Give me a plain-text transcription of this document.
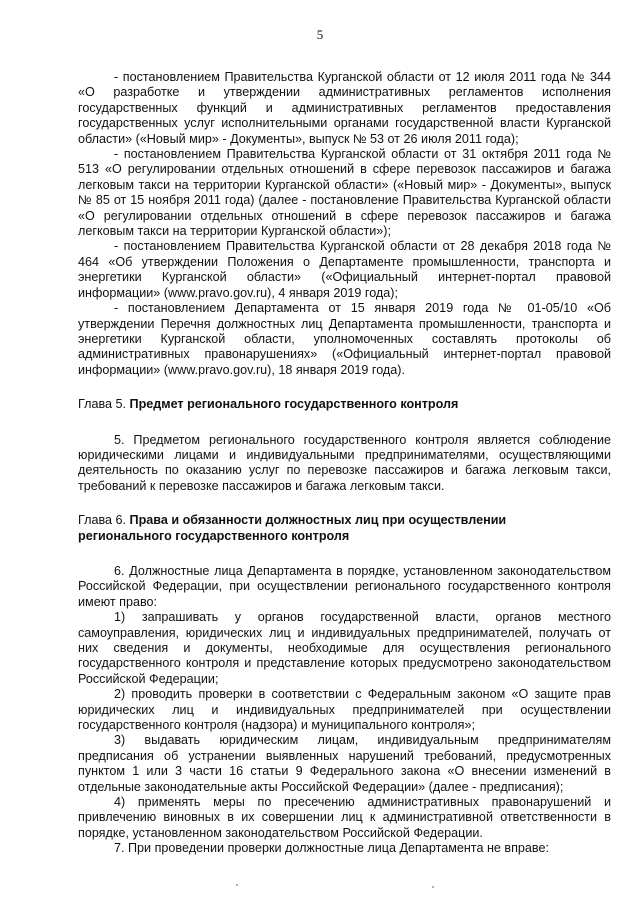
5

- постановлением Правительства Курганской области от 12 июля 2011 года № 344 «О разработке и утверждении административных регламентов исполнения государственных функций и административных регламентов предоставления государственных услуг исполнительными органами государственной власти Курганской области» («Новый мир» - Документы», выпуск № 53 от 26 июля 2011 года);

- постановлением Правительства Курганской области от 31 октября 2011 года № 513 «О регулировании отдельных отношений в сфере перевозок пассажиров и багажа легковым такси на территории Курганской области» («Новый мир» - Документы», выпуск № 85 от 15 ноября 2011 года) (далее - постановление Правительства Курганской области «О регулировании отдельных отношений в сфере перевозок пассажиров и багажа легковым такси на территории Курганской области»);

- постановлением Правительства Курганской области от 28 декабря 2018 года № 464 «Об утверждении Положения о Департаменте промышленности, транспорта и энергетики Курганской области» («Официальный интернет-портал правовой информации» (www.pravo.gov.ru), 4 января 2019 года);

- постановлением Департамента от 15 января 2019 года № 01-05/10 «Об утверждении Перечня должностных лиц Департамента промышленности, транспорта и энергетики Курганской области, уполномоченных составлять протоколы об административных правонарушениях» («Официальный интернет-портал правовой информации» (www.pravo.gov.ru), 18 января 2019 года).

Глава 5. Предмет регионального государственного контроля

5. Предметом регионального государственного контроля является соблюдение юридическими лицами и индивидуальными предпринимателями, осуществляющими деятельность по оказанию услуг по перевозке пассажиров и багажа легковым такси, требований к перевозке пассажиров и багажа легковым такси.

Глава 6. Права и обязанности должностных лиц при осуществлении

регионального государственного контроля

6. Должностные лица Департамента в порядке, установленном законодательством Российской Федерации, при осуществлении регионального государственного контроля имеют право:

1) запрашивать у органов государственной власти, органов местного самоуправления, юридических лиц и индивидуальных предпринимателей, получать от них сведения и документы, необходимые для осуществления регионального государственного контроля и представление которых предусмотрено законодательством Российской Федерации;

2) проводить проверки в соответствии с Федеральным законом «О защите прав юридических лиц и индивидуальных предпринимателей при осуществлении государственного контроля (надзора) и муниципального контроля»;

3) выдавать юридическим лицам, индивидуальным предпринимателям предписания об устранении выявленных нарушений требований, предусмотренных пунктом 1 или 3 части 16 статьи 9 Федерального закона «О внесении изменений в отдельные законодательные акты Российской Федерации» (далее - предписания);

4) применять меры по пресечению административных правонарушений и привлечению виновных в их совершении лиц к административной ответственности в порядке, установленном законодательством Российской Федерации.

7. При проведении проверки должностные лица Департамента не вправе:
